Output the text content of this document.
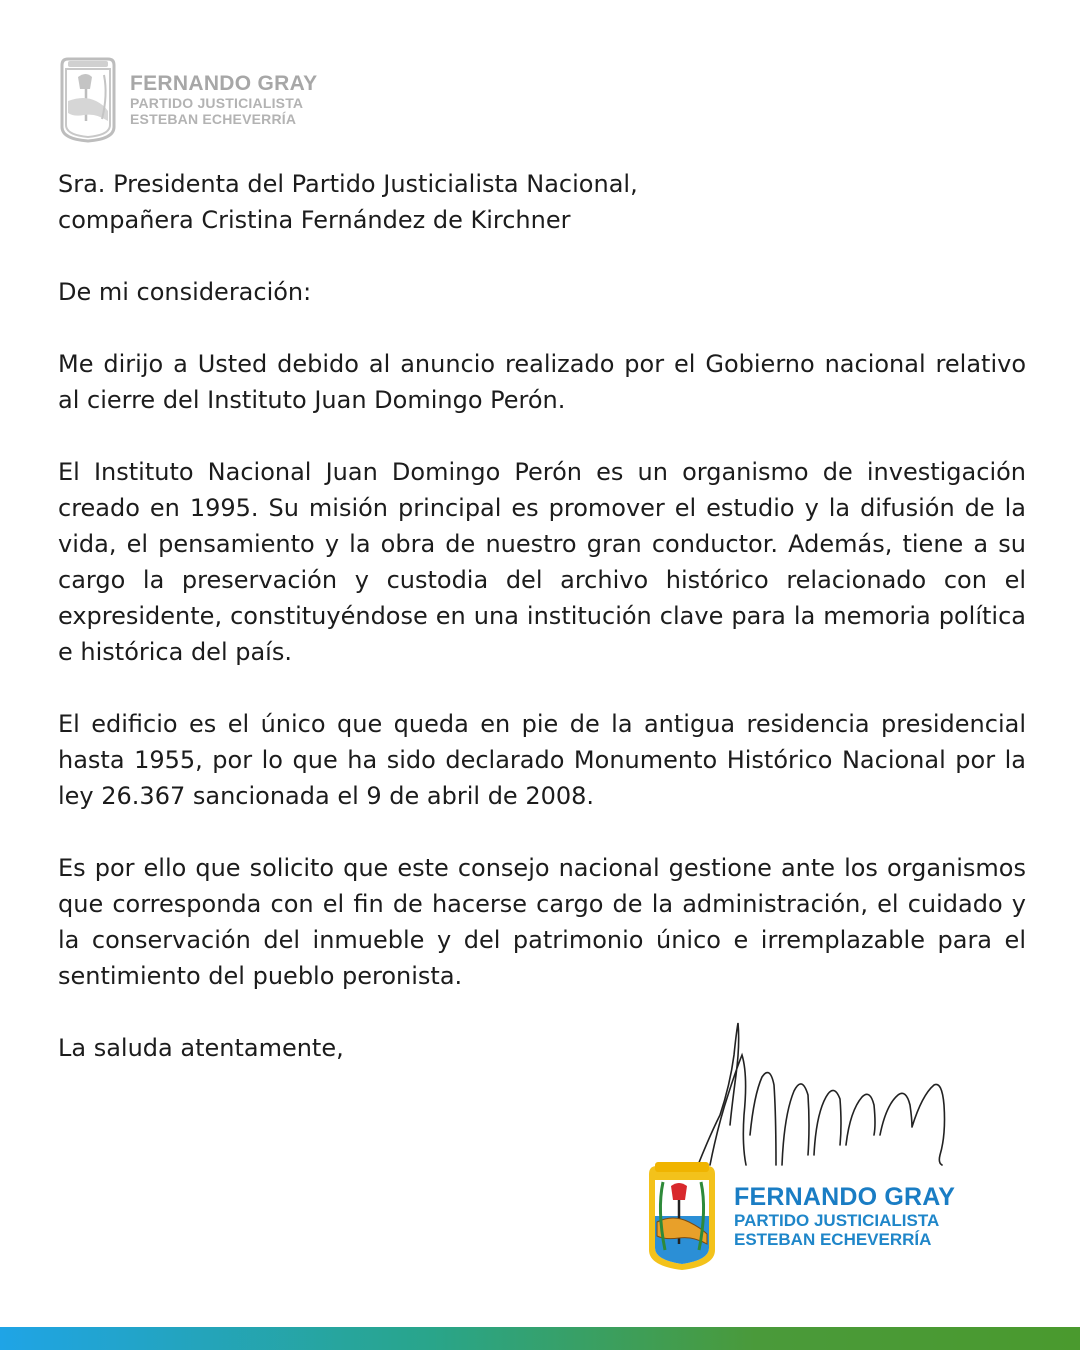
FERNANDO GRAY
PARTIDO JUSTICIALISTA
ESTEBAN ECHEVERRÍA

Sra. Presidenta del Partido Justicialista Nacional,

compañera Cristina Fernández de Kirchner

De mi consideración:

Me dirijo a Usted debido al anuncio realizado por el Gobierno nacional relativo al cierre del Instituto Juan Domingo Perón.

El Instituto Nacional Juan Domingo Perón es un organismo de investigación creado en 1995. Su misión principal es promover el estudio y la difusión de la vida, el pensamiento y la obra de nuestro gran conductor. Además, tiene a su cargo la preservación y custodia del archivo histórico relacionado con el expresidente, constituyéndose en una institución clave para la memoria política e histórica del país.

El edificio es el único que queda en pie de la antigua residencia presidencial hasta 1955, por lo que ha sido declarado Monumento Histórico Nacional por la ley 26.367 sancionada el 9 de abril de 2008.

Es por ello que solicito que este consejo nacional gestione ante los organismos que corresponda con el fin de hacerse cargo de la administración, el cuidado y la conservación del inmueble y del patrimonio único e irremplazable para el sentimiento del pueblo peronista.

La saluda atentamente,

FERNANDO GRAY
PARTIDO JUSTICIALISTA
ESTEBAN ECHEVERRÍA
